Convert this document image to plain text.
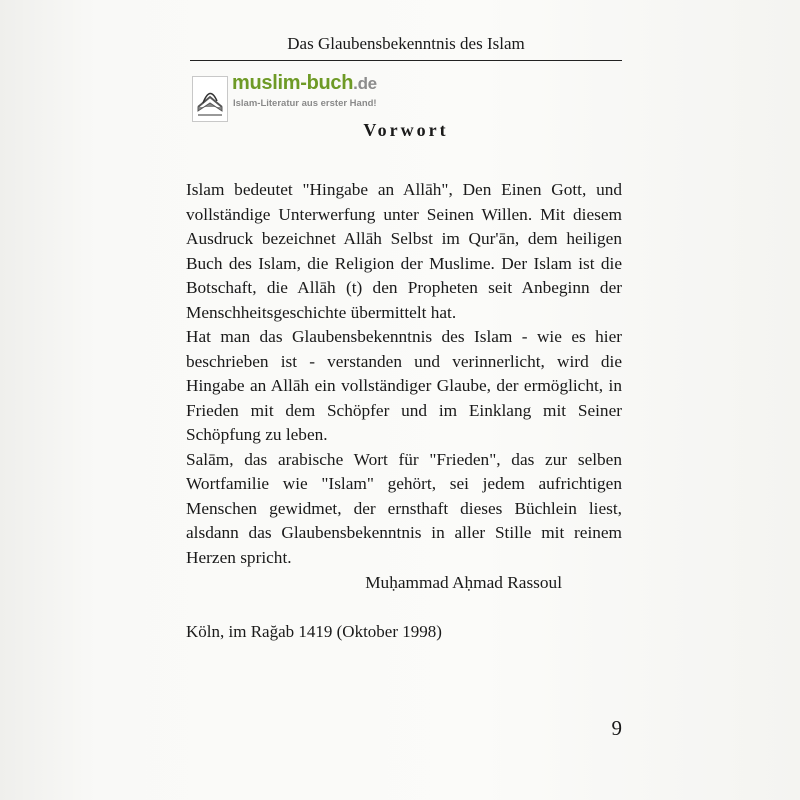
Das Glaubensbekenntnis des Islam
muslim-buch.de
Islam-Literatur aus erster Hand!
Vorwort

Islam bedeutet "Hingabe an Allāh", Den Einen Gott, und vollständige Unterwerfung unter Seinen Willen. Mit diesem Ausdruck bezeichnet Allāh Selbst im Qur'ān, dem heiligen Buch des Islam, die Religion der Muslime. Der Islam ist die Botschaft, die Allāh (t) den Propheten seit Anbeginn der Menschheitsgeschichte übermittelt hat.

Hat man das Glaubensbekenntnis des Islam - wie es hier beschrieben ist - verstanden und verinnerlicht, wird die Hingabe an Allāh ein vollständiger Glaube, der ermöglicht, in Frieden mit dem Schöpfer und im Einklang mit Seiner Schöpfung zu leben.

Salām, das arabische Wort für "Frieden", das zur selben Wortfamilie wie "Islam" gehört, sei jedem aufrichtigen Menschen gewidmet, der ernsthaft dieses Büchlein liest, alsdann das Glaubensbekenntnis in aller Stille mit reinem Herzen spricht.

Muḥammad Aḥmad Rassoul
Köln, im Rağab 1419 (Oktober 1998)
9
